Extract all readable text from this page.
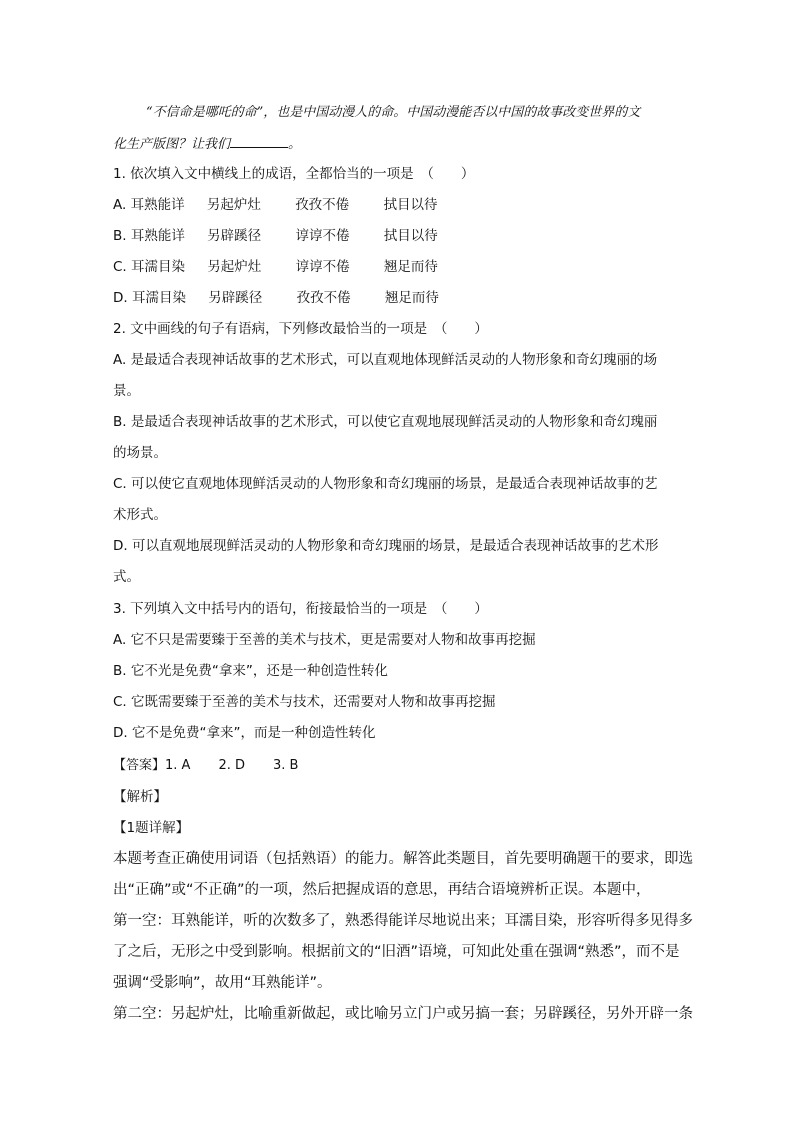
“不信命是哪吒的命”，也是中国动漫人的命。中国动漫能否以中国的故事改变世界的文
化生产版图？让我们	。
1. 依次填入文中横线上的成语，全都恰当的一项是　（　　）
A. 耳熟能详 另起炉灶	孜孜不倦	拭目以待
B. 耳熟能详 另辟蹊径	谆谆不倦	拭目以待
C. 耳濡目染 另起炉灶	谆谆不倦	翘足而待
D. 耳濡目染 另辟蹊径	孜孜不倦	翘足而待
2. 文中画线的句子有语病，下列修改最恰当的一项是　（　　）
A. 是最适合表现神话故事的艺术形式，可以直观地体现鲜活灵动的人物形象和奇幻瑰丽的场
景。
B. 是最适合表现神话故事的艺术形式，可以使它直观地展现鲜活灵动的人物形象和奇幻瑰丽
的场景。
C. 可以使它直观地体现鲜活灵动的人物形象和奇幻瑰丽的场景，是最适合表现神话故事的艺
术形式。
D. 可以直观地展现鲜活灵动的人物形象和奇幻瑰丽的场景，是最适合表现神话故事的艺术形
式。
3. 下列填入文中括号内的语句，衔接最恰当的一项是　（　　）
A. 它不只是需要臻于至善的美术与技术，更是需要对人物和故事再挖掘
B. 它不光是免费“拿来”，还是一种创造性转化
C. 它既需要臻于至善的美术与技术，还需要对人物和故事再挖掘
D. 它不是免费“拿来”，而是一种创造性转化
【答案】1. A 2. D 3. B
【解析】
【1题详解】
本题考查正确使用词语（包括熟语）的能力。解答此类题目，首先要明确题干的要求，即选
出“正确”或“不正确”的一项，然后把握成语的意思，再结合语境辨析正误。本题中，
第一空：耳熟能详，听的次数多了，熟悉得能详尽地说出来；耳濡目染，形容听得多见得多
了之后，无形之中受到影响。根据前文的“旧酒”语境，可知此处重在强调“熟悉”，而不是
强调“受影响”，故用“耳熟能详”。
第二空：另起炉灶，比喻重新做起，或比喻另立门户或另搞一套；另辟蹊径，另外开辟一条
